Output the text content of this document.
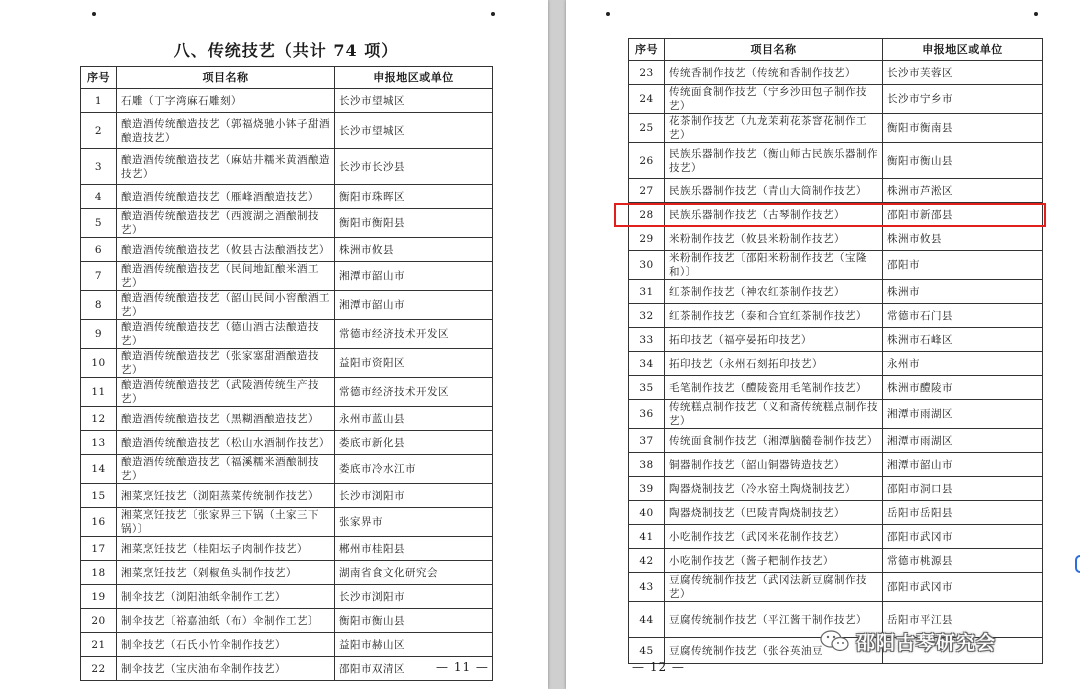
八、传统技艺（共计 74 项）
序号	项目名称	申报地区或单位
1	石雕（丁字湾麻石雕刻）	长沙市望城区
2	酿造酒传统酿造技艺（郭福烧驰小钵子甜酒酿造技艺）	长沙市望城区
3	酿造酒传统酿造技艺（麻姑井糯米黄酒酿造技艺）	长沙市长沙县
4	酿造酒传统酿造技艺（雁峰酒酿造技艺）	衡阳市珠晖区
5	酿造酒传统酿造技艺（西渡湖之酒酿制技艺）	衡阳市衡阳县
6	酿造酒传统酿造技艺（攸县古法酿酒技艺）	株洲市攸县
7	酿造酒传统酿造技艺（民间地缸酿米酒工艺）	湘潭市韶山市
8	酿造酒传统酿造技艺（韶山民间小窖酿酒工艺）	湘潭市韶山市
9	酿造酒传统酿造技艺（德山酒古法酿造技艺）	常德市经济技术开发区
10	酿造酒传统酿造技艺（张家塞甜酒酿造技艺）	益阳市资阳区
11	酿造酒传统酿造技艺（武陵酒传统生产技艺）	常德市经济技术开发区
12	酿造酒传统酿造技艺（黑糊酒酿造技艺）	永州市蓝山县
13	酿造酒传统酿造技艺（松山水酒制作技艺）	娄底市新化县
14	酿造酒传统酿造技艺（福溪糯米酒酿制技艺）	娄底市冷水江市
15	湘菜烹饪技艺（浏阳蒸菜传统制作技艺）	长沙市浏阳市
16	湘菜烹饪技艺〔张家界三下锅（土家三下锅）〕	张家界市
17	湘菜烹饪技艺（桂阳坛子肉制作技艺）	郴州市桂阳县
18	湘菜烹饪技艺（剁椒鱼头制作技艺）	湖南省食文化研究会
19	制伞技艺（浏阳油纸伞制作工艺）	长沙市浏阳市
20	制伞技艺〔裕嘉油纸（布）伞制作工艺〕	衡阳市衡山县
21	制伞技艺（石氏小竹伞制作技艺）	益阳市赫山区
22	制伞技艺（宝庆油布伞制作技艺）	邵阳市双清区	— 11 —
序号	项目名称	申报地区或单位
23	传统香制作技艺（传统和香制作技艺）	长沙市芙蓉区
24	传统面食制作技艺（宁乡沙田包子制作技艺）	长沙市宁乡市
25	花茶制作技艺（九龙茉莉花茶窨花制作工艺）	衡阳市衡南县
26	民族乐器制作技艺（衡山师古民族乐器制作技艺）	衡阳市衡山县
27	民族乐器制作技艺（青山大筒制作技艺）	株洲市芦淞区
28	民族乐器制作技艺（古琴制作技艺）	邵阳市新邵县
29	米粉制作技艺（攸县米粉制作技艺）	株洲市攸县
30	米粉制作技艺〔邵阳米粉制作技艺（宝隆和）〕	邵阳市
31	红茶制作技艺（神农红茶制作技艺）	株洲市
32	红茶制作技艺（泰和合宜红茶制作技艺）	常德市石门县
33	拓印技艺（福亭晏拓印技艺）	株洲市石峰区
34	拓印技艺（永州石刻拓印技艺）	永州市
35	毛笔制作技艺（醴陵瓷用毛笔制作技艺）	株洲市醴陵市
36	传统糕点制作技艺（义和斋传统糕点制作技艺）	湘潭市雨湖区
37	传统面食制作技艺（湘潭脑髓卷制作技艺）	湘潭市雨湖区
38	铜器制作技艺（韶山铜器铸造技艺）	湘潭市韶山市
39	陶器烧制技艺（冷水窑土陶烧制技艺）	邵阳市洞口县
40	陶器烧制技艺（巴陵青陶烧制技艺）	岳阳市岳阳县
41	小吃制作技艺（武冈米花制作技艺）	邵阳市武冈市
42	小吃制作技艺（酱子粑制作技艺）	常德市桃源县
43	豆腐传统制作技艺（武冈法新豆腐制作技艺）	邵阳市武冈市
44	豆腐传统制作技艺（平江酱干制作技艺）	岳阳市平江县
45	豆腐传统制作技艺（张谷英油豆	
— 12 —
邵阳古琴研究会
